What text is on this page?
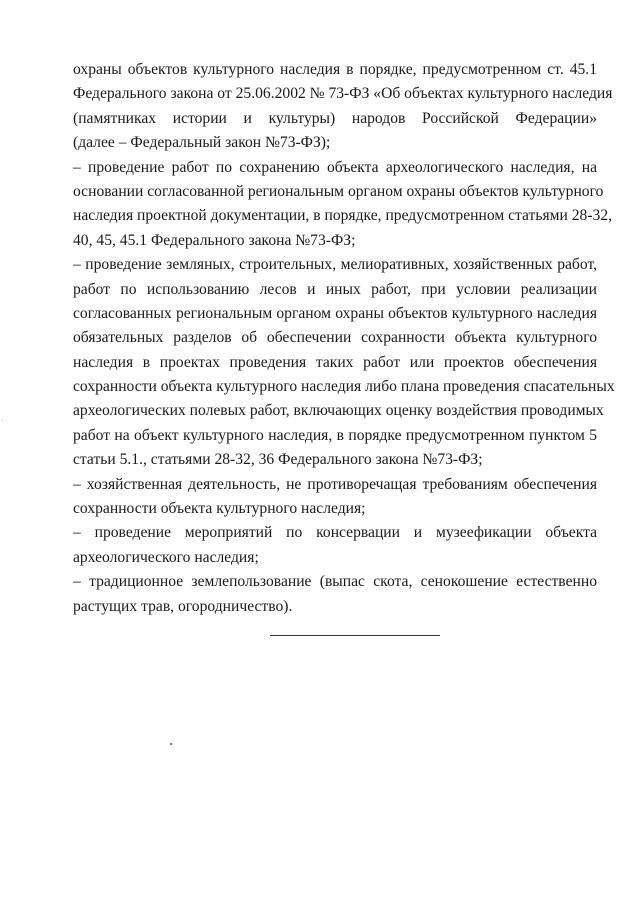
охраны объектов культурного наследия в порядке, предусмотренном ст. 45.1
Федерального закона от 25.06.2002 № 73-ФЗ «Об объектах культурного наследия
(памятниках истории и культуры) народов Российской Федерации»
(далее – Федеральный закон №73-ФЗ);
– проведение работ по сохранению объекта археологического наследия, на
основании согласованной региональным органом охраны объектов культурного
наследия проектной документации, в порядке, предусмотренном статьями 28-32,
40, 45, 45.1 Федерального закона №73-ФЗ;
– проведение земляных, строительных, мелиоративных, хозяйственных работ,
работ по использованию лесов и иных работ, при условии реализации
согласованных региональным органом охраны объектов культурного наследия
обязательных разделов об обеспечении сохранности объекта культурного
наследия в проектах проведения таких работ или проектов обеспечения
сохранности объекта культурного наследия либо плана проведения спасательных
археологических полевых работ, включающих оценку воздействия проводимых
работ на объект культурного наследия, в порядке предусмотренном пунктом 5
статьи 5.1., статьями 28-32, 36 Федерального закона №73-ФЗ;
– хозяйственная деятельность, не противоречащая требованиям обеспечения
сохранности объекта культурного наследия;
– проведение мероприятий по консервации и музеефикации объекта
археологического наследия;
– традиционное землепользование (выпас скота, сенокошение естественно
растущих трав, огородничество).
